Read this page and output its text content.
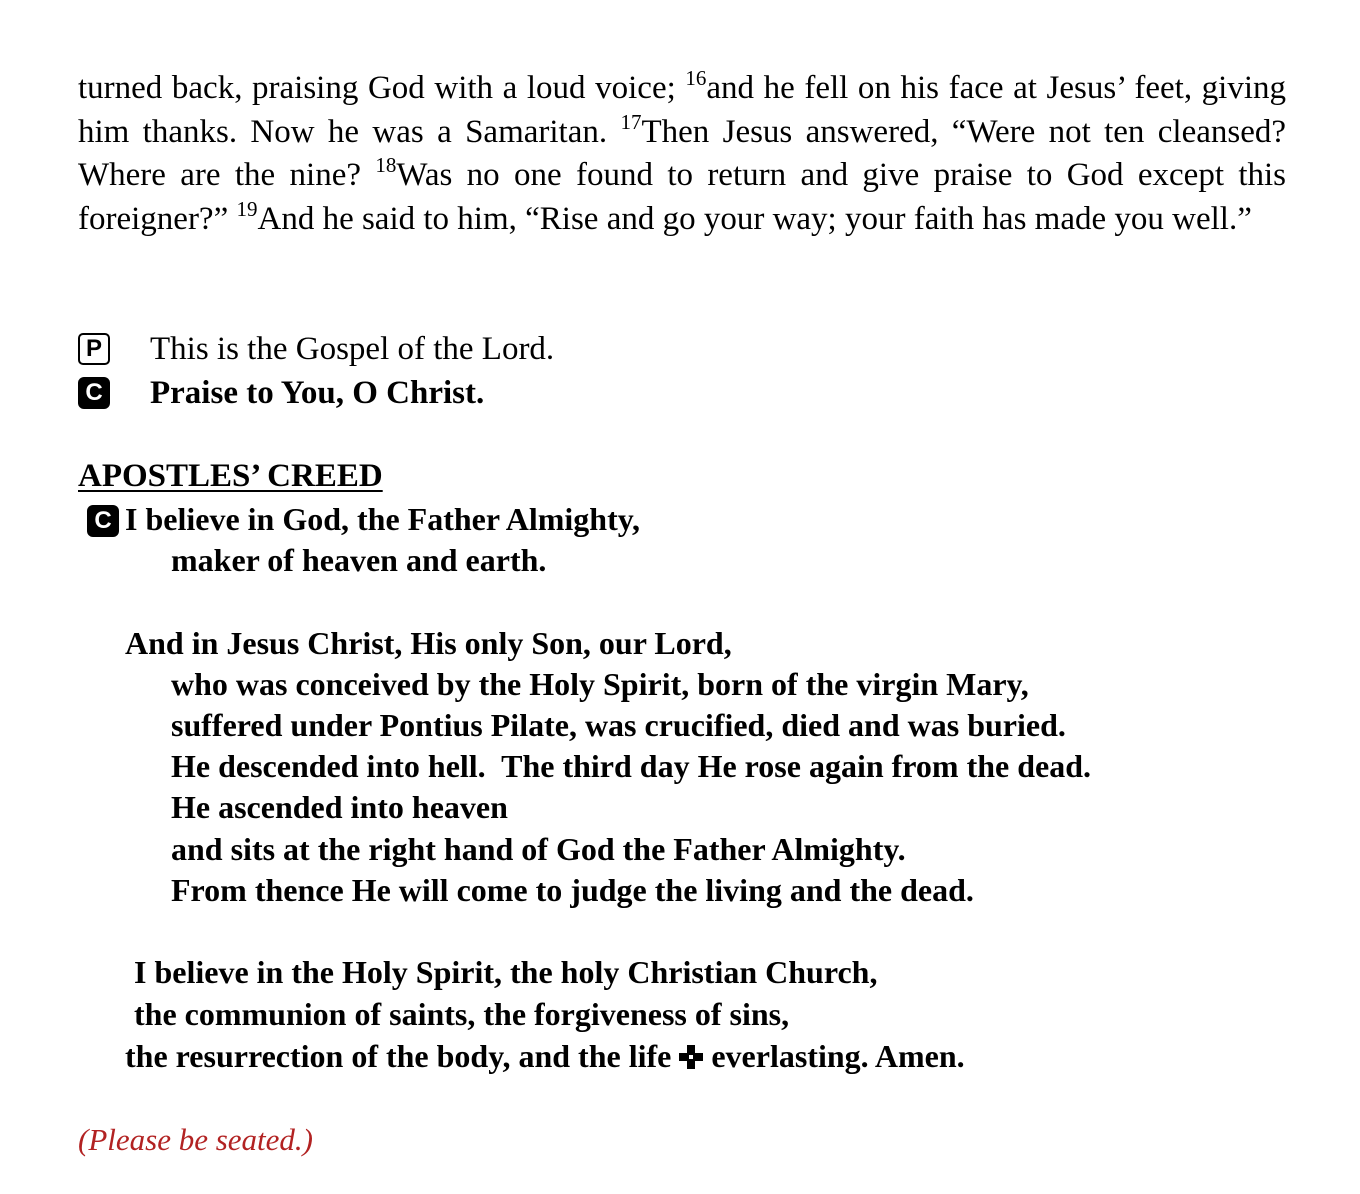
turned back, praising God with a loud voice; $^{16}$and he fell on his face at Jesus’ feet, giving him thanks. Now he was a Samaritan. $^{17}$Then Jesus answered, “Were not ten cleansed? Where are the nine? $^{18}$Was no one found to return and give praise to God except this foreigner?” $^{19}$And he said to him, “Rise and go your way; your faith has made you well.”

P This is the Gospel of the Lord.
C Praise to You, O Christ.
APOSTLES’ CREED
C I believe in God, the Father Almighty,
maker of heaven and earth.
And in Jesus Christ, His only Son, our Lord,
who was conceived by the Holy Spirit, born of the virgin Mary,
suffered under Pontius Pilate, was crucified, died and was buried.
He descended into hell.  The third day He rose again from the dead.
He ascended into heaven
and sits at the right hand of God the Father Almighty.
From thence He will come to judge the living and the dead.
I believe in the Holy Spirit, the holy Christian Church,
the communion of saints, the forgiveness of sins,
the resurrection of the body, and the life everlasting. Amen.
(Please be seated.)
